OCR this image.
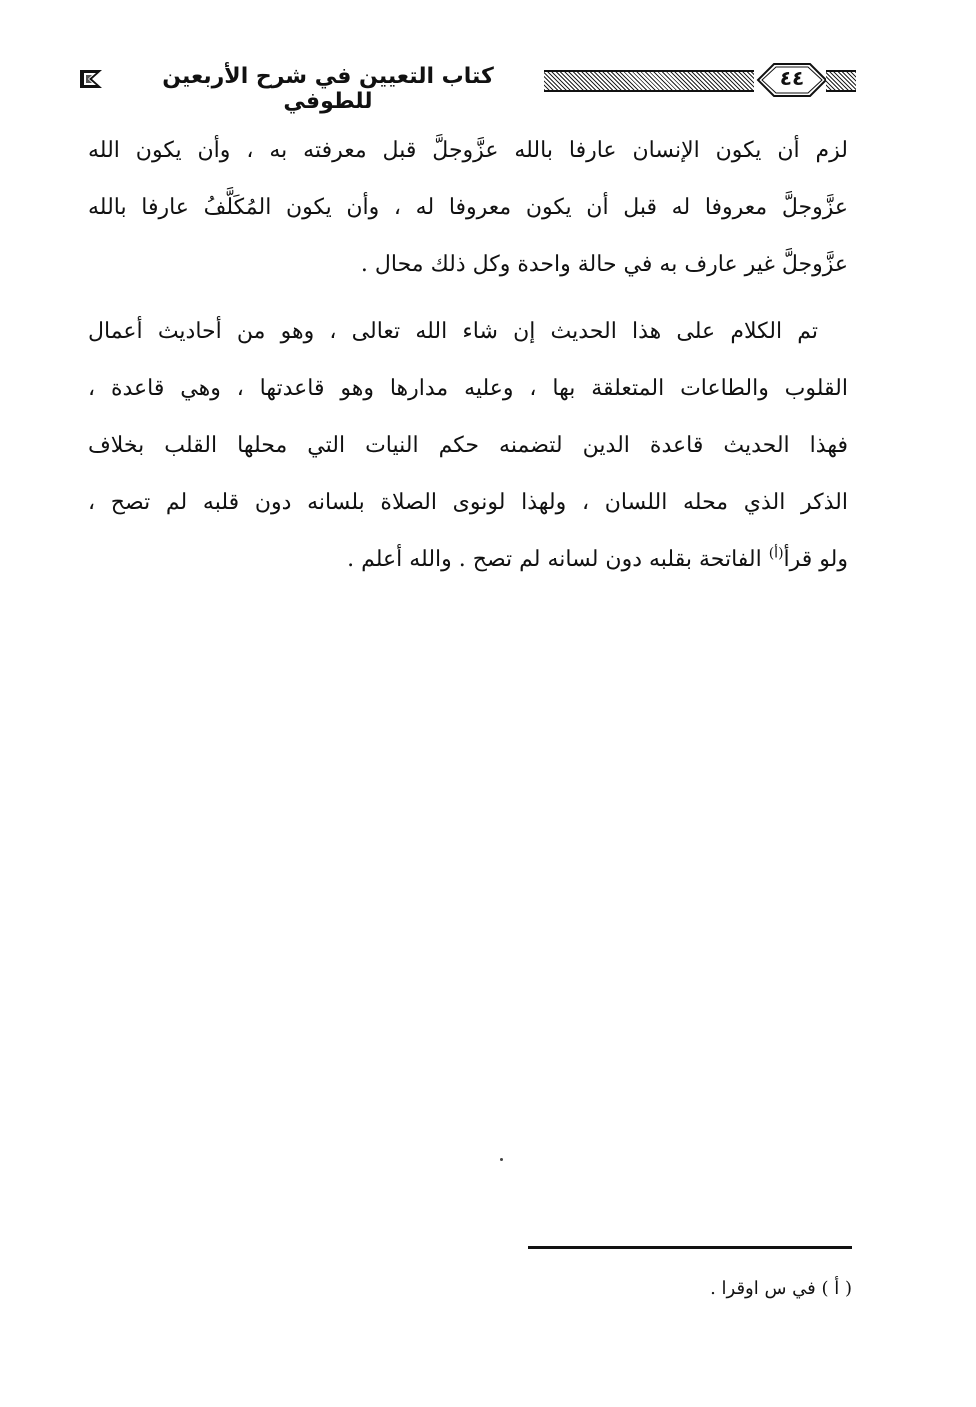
كتاب التعيين في شرح الأربعين للطوفي
٤٤
لزم أن يكون الإنسان عارفا بالله عزَّوجلَّ قبل معرفته به ، وأن يكون الله
عزَّوجلَّ معروفا له قبل أن يكون معروفا له ، وأن يكون المُكَلَّفُ عارفا بالله
عزَّوجلَّ غير عارف به في حالة واحدة وكل ذلك محال .
تم الكلام على هذا الحديث إن شاء الله تعالى ، وهو من أحاديث أعمال
القلوب والطاعات المتعلقة بها ، وعليه مدارها وهو قاعدتها ، وهي قاعدة ،
فهذا الحديث قاعدة الدين لتضمنه حكم النيات التي محلها القلب بخلاف
الذكر الذي محله اللسان ، ولهذا لونوى الصلاة بلسانه دون قلبه لم تصح ،
ولو قرأ$^{(أ)}$ الفاتحة بقلبه دون لسانه لم تصح . والله أعلم .
( أ ) في س اوقرا .
